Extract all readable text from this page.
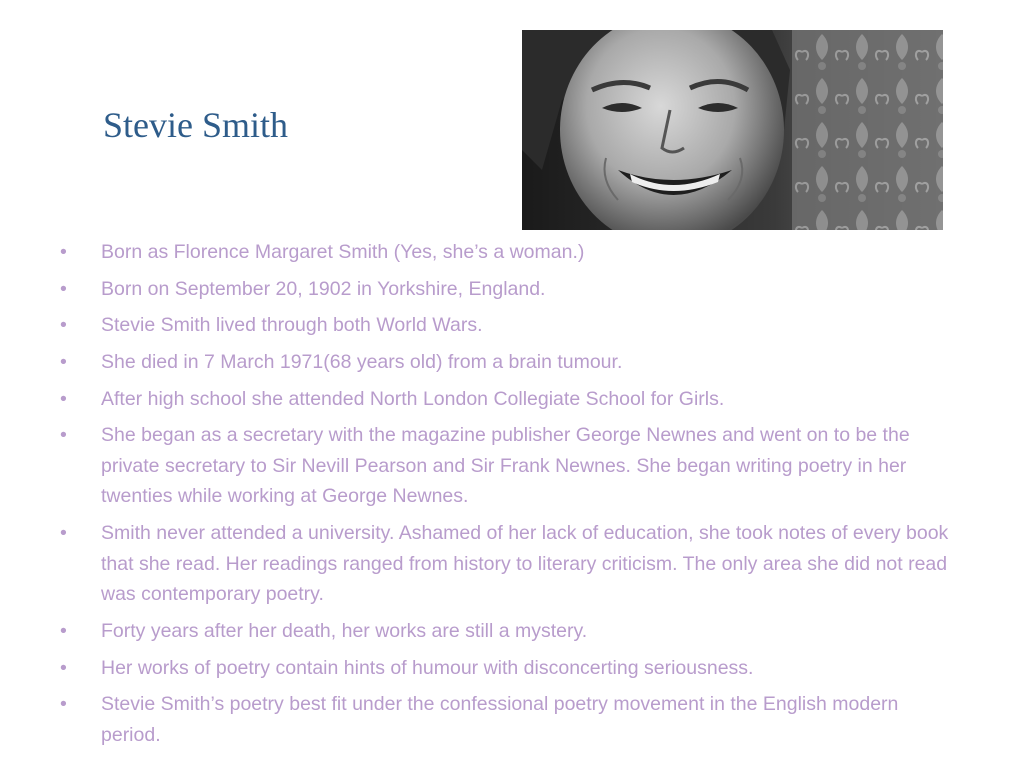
Stevie Smith
•	Born as Florence Margaret Smith (Yes, she’s a woman.)
•	Born on September 20, 1902 in Yorkshire, England.
•	Stevie Smith lived through both World Wars.
•	She died in 7 March 1971(68 years old) from a brain tumour.
•	After high school she attended North London Collegiate School for Girls.
•	She began as a secretary with the magazine publisher George Newnes and went on to be the private secretary to Sir Nevill Pearson and Sir Frank Newnes. She began writing poetry in her twenties while working at George Newnes.
•	Smith never attended a university. Ashamed of her lack of education, she took notes of every book that she read. Her readings ranged from history to literary criticism. The only area she did not read was contemporary poetry.
•	Forty years after her death, her works are still a mystery.
•	Her works of poetry contain hints of humour with disconcerting seriousness.
•	Stevie Smith’s poetry best fit under the confessional poetry movement in the English modern period.
